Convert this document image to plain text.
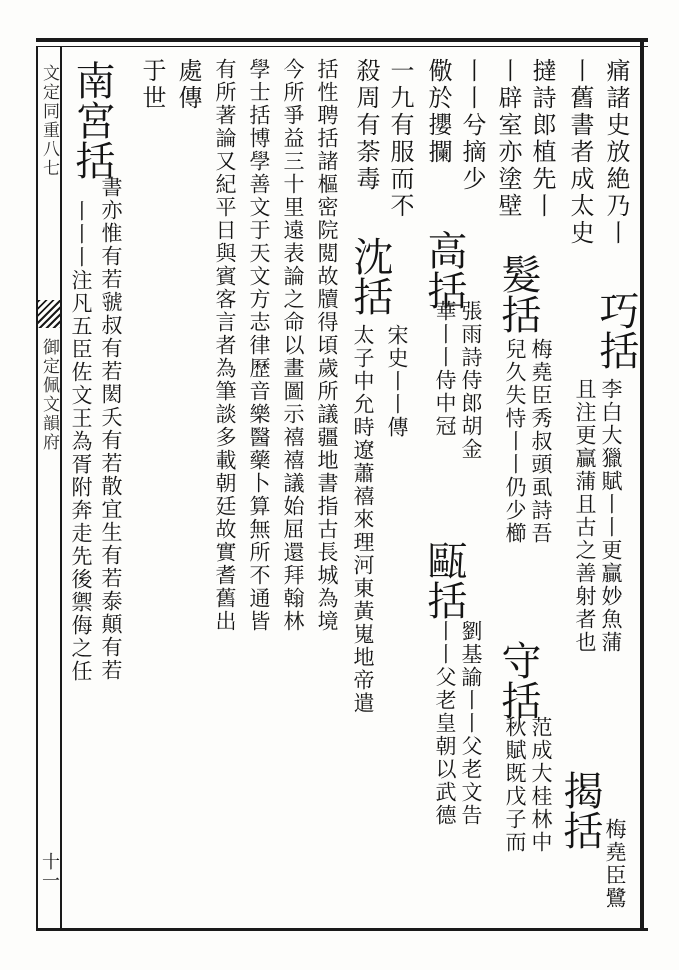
文定同重八七
御定佩文韻府
十一
痛諸史放絶乃丨
巧括
李白大獵賦丨丨更贏妙魚蒲
且注更贏蒲且古之善射者也
丨舊書者成太史
揭括
梅堯臣鷺
撻詩郎植先丨
丨辟室亦塗壁
髮括
梅堯臣秀叔頭虱詩吾
兒久失恃丨丨仍少櫛
守括
范成大桂林中
秋賦既戊子而
丨丨兮摘少
儆於攖攔
高括
張雨詩侍郎胡金
華丨丨侍中冠
甌括
劉基諭丨丨父老文告
丨丨父老皇朝以武德
一九有服而不
殺周有荼毒
沈括
宋史丨丨傳
太子中允時遼蕭禧來理河東黃嵬地帝遣
括性聘括諸樞密院閲故牘得頃歲所議疆地書指古長城為境
今所爭益三十里遠表論之命以畫圖示禧禧議始屈還拜翰林
學士括博學善文于天文方志律歷音樂醫藥卜算無所不通皆
有所著論又紀平日與賓客言者為筆談多載朝廷故實耆舊出
處傳
于世
南宮括
書亦惟有若虢叔有若閎夭有若散宜生有若泰顛有若
丨丨丨注凡五臣佐文王為胥附奔走先後禦侮之任
